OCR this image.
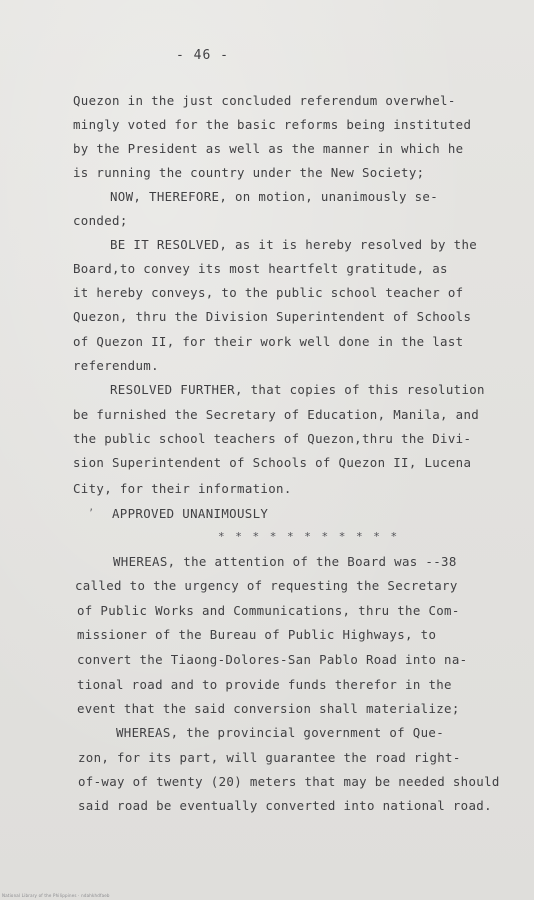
- 46 -
Quezon in the just concluded referendum overwhel-
mingly voted for the basic reforms being instituted
by the President as well as the manner in which he
is running the country under the New Society;
NOW, THEREFORE, on motion, unanimously se-
conded;
BE IT RESOLVED, as it is hereby resolved by the
Board,to convey its most heartfelt gratitude, as
it hereby conveys, to the public school teacher of
Quezon, thru the Division Superintendent of Schools
of Quezon II, for their work well done in the last
referendum.
RESOLVED FURTHER, that copies of this resolution
be furnished the Secretary of Education, Manila, and
the public school teachers of Quezon,thru the Divi-
sion Superintendent of Schools of Quezon II, Lucena
City, for their information.
’ APPROVED UNANIMOUSLY
* * * * * * * * * * *
WHEREAS, the attention of the Board was --38
called to the urgency of requesting the Secretary
of Public Works and Communications, thru the Com-
missioner of the Bureau of Public Highways, to
convert the Tiaong-Dolores-San Pablo Road into na-
tional road and to provide funds therefor in the
event that the said conversion shall materialize;
WHEREAS, the provincial government of Que-
zon, for its part, will guarantee the road right-
of-way of twenty (20) meters that may be needed should
said road be eventually converted into national road.
National Library of the Philippines · ndahkhdfaeb
